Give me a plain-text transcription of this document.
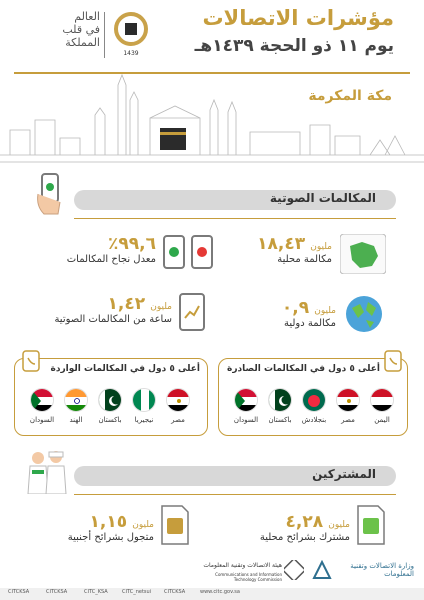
1439
العالم
في قلب
المملكة
مؤشرات الاتصالات
يوم ١١ ذو الحجة ١٤٣٩هـ
مكة المكرمة
المكالمات الصوتية
مليون ١٨,٤٣
مكالمة محلية
٪٩٩,٦
معدل نجاح المكالمات
مليون ٠,٩
مكالمة دولية
مليون ١,٤٢
ساعة من المكالمات الصوتية
أعلى ٥ دول في المكالمات الصادرة
اليمن
مصر
بنجلادش
باكستان
السودان
أعلى ٥ دول في المكالمات الواردة
مصر
نيجيريا
باكستان
الهند
السودان
المشتركين
مليون ٤,٢٨
مشترك بشرائح محلية
مليون ١,١٥
متجول بشرائح أجنبية
وزارة الاتصالات وتقنية المعلومات
هيئة الاتصالات وتقنية المعلومات
Communications and Information Technology Commission
CITCKSA	CITCKSA	CITC_KSA	CITC_netsui	CITCKSA	www.citc.gov.sa
